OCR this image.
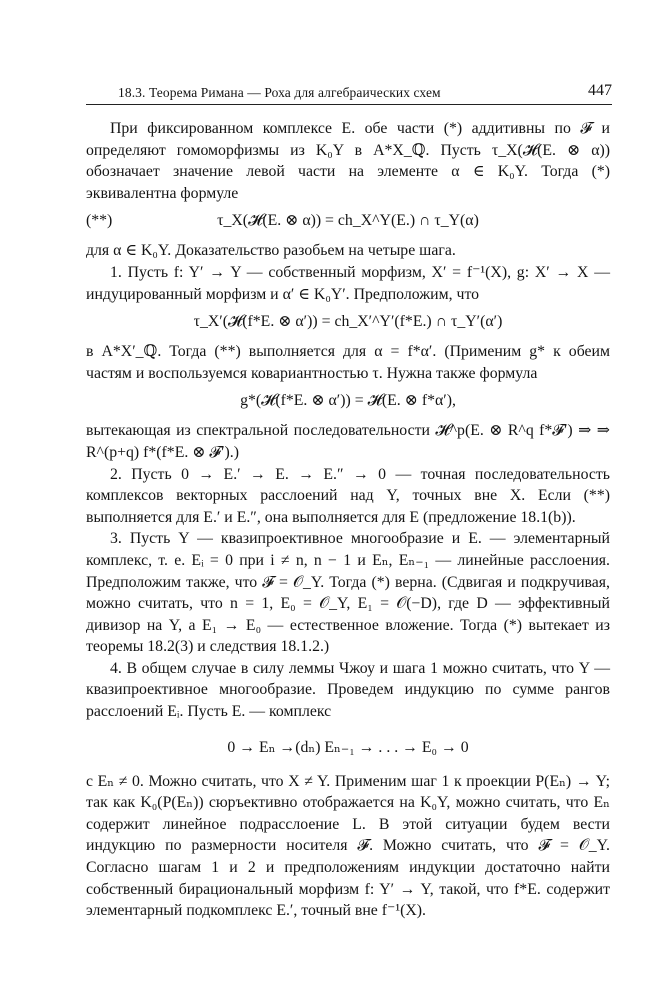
18.3. Теорема Римана — Роха для алгебраических схем	447

При фиксированном комплексе E. обе части (*) аддитивны по 𝓕 и определяют гомоморфизмы из K₀Y в A*X_ℚ. Пусть τ_X(𝓗(E. ⊗ α)) обозначает значение левой части на элементе α ∈ K₀Y. Тогда (*) эквивалентна формуле

(**)	τ_X(𝓗(E. ⊗ α)) = ch_X^Y(E.) ∩ τ_Y(α)

для α ∈ K₀Y. Доказательство разобьем на четыре шага.

1. Пусть f: Y′ → Y — собственный морфизм, X′ = f⁻¹(X), g: X′ → X — индуцированный морфизм и α′ ∈ K₀Y′. Предположим, что

τ_X′(𝓗(f*E. ⊗ α′)) = ch_X′^Y′(f*E.) ∩ τ_Y′(α′)

в A*X′_ℚ. Тогда (**) выполняется для α = f*α′. (Применим g* к обеим частям и воспользуемся ковариантностью τ. Нужна также формула

g*(𝓗(f*E. ⊗ α′)) = 𝓗(E. ⊗ f*α′),

вытекающая из спектральной последовательности 𝓗^p(E. ⊗ R^q f*𝓕′) ⇒ ⇒ R^(p+q) f*(f*E. ⊗ 𝓕′).)

2. Пусть 0 → E.′ → E. → E.″ → 0 — точная последовательность комплексов векторных расслоений над Y, точных вне X. Если (**) выполняется для E.′ и E.″, она выполняется для E (предложение 18.1(b)).

3. Пусть Y — квазипроективное многообразие и E. — элементарный комплекс, т. е. Eᵢ = 0 при i ≠ n, n − 1 и Eₙ, Eₙ₋₁ — линейные расслоения. Предположим также, что 𝓕 = 𝒪_Y. Тогда (*) верна. (Сдвигая и подкручивая, можно считать, что n = 1, E₀ = 𝒪_Y, E₁ = 𝒪(−D), где D — эффективный дивизор на Y, а E₁ → E₀ — естественное вложение. Тогда (*) вытекает из теоремы 18.2(3) и следствия 18.1.2.)

4. В общем случае в силу леммы Чжоу и шага 1 можно считать, что Y — квазипроективное многообразие. Проведем индукцию по сумме рангов расслоений Eᵢ. Пусть E. — комплекс

0 → Eₙ →(dₙ) Eₙ₋₁ → . . . → E₀ → 0

с Eₙ ≠ 0. Можно считать, что X ≠ Y. Применим шаг 1 к проекции P(Eₙ) → Y; так как K₀(P(Eₙ)) сюръективно отображается на K₀Y, можно считать, что Eₙ содержит линейное подрасслоение L. В этой ситуации будем вести индукцию по размерности носителя 𝓕. Можно считать, что 𝓕 = 𝒪_Y. Согласно шагам 1 и 2 и предположениям индукции достаточно найти собственный бирациональный морфизм f: Y′ → Y, такой, что f*E. содержит элементарный подкомплекс E.′, точный вне f⁻¹(X).
